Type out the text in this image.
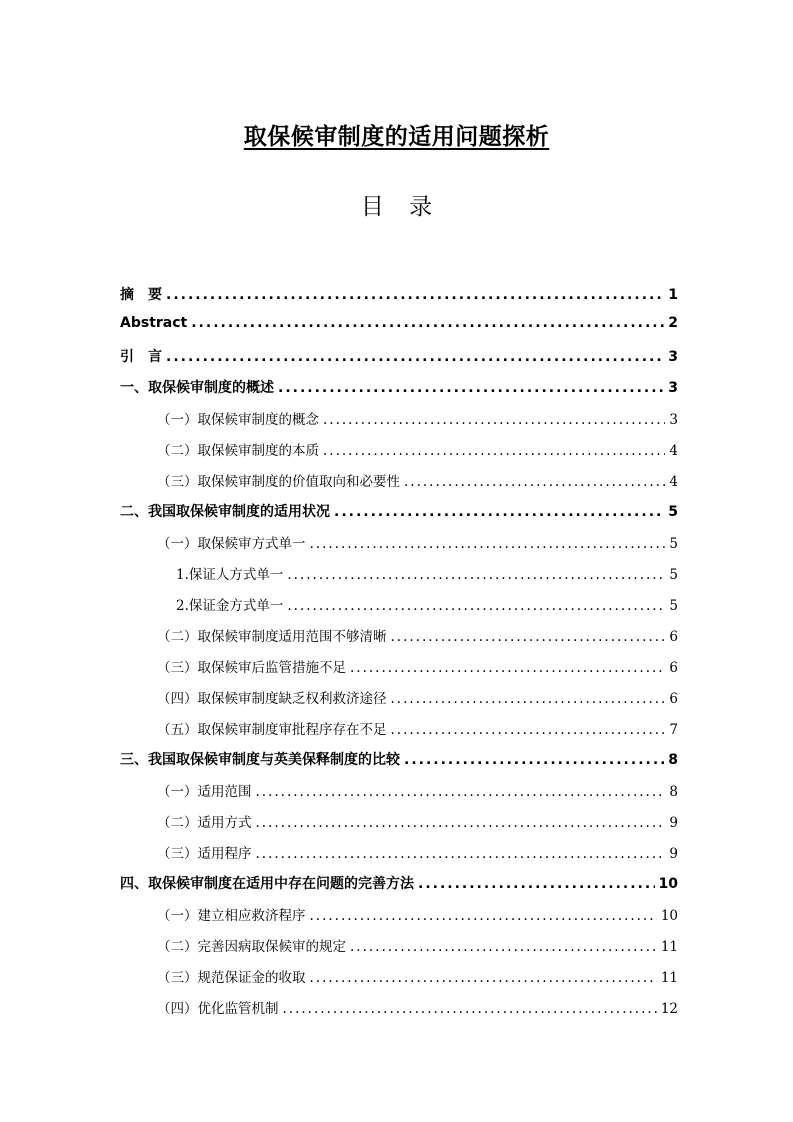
取保候审制度的适用问题探析
目 录
摘　要 .....	1
Abstract .....	2
引　言 .....	3
一、取保候审制度的概述 .....	3
（一）取保候审制度的概念 .....	3
（二）取保候审制度的本质 .....	4
（三）取保候审制度的价值取向和必要性 .....	4
二、我国取保候审制度的适用状况 .....	5
（一）取保候审方式单一 .....	5
1.保证人方式单一 .....	5
2.保证金方式单一 .....	5
（二）取保候审制度适用范围不够清晰 .....	6
（三）取保候审后监管措施不足 .....	6
（四）取保候审制度缺乏权利救济途径 .....	6
（五）取保候审制度审批程序存在不足 .....	7
三、我国取保候审制度与英美保释制度的比较 .....	8
（一）适用范围 .....	8
（二）适用方式 .....	9
（三）适用程序 .....	9
四、取保候审制度在适用中存在问题的完善方法 .....	10
（一）建立相应救济程序 .....	10
（二）完善因病取保候审的规定 .....	11
（三）规范保证金的收取 .....	11
（四）优化监管机制 .....	12
